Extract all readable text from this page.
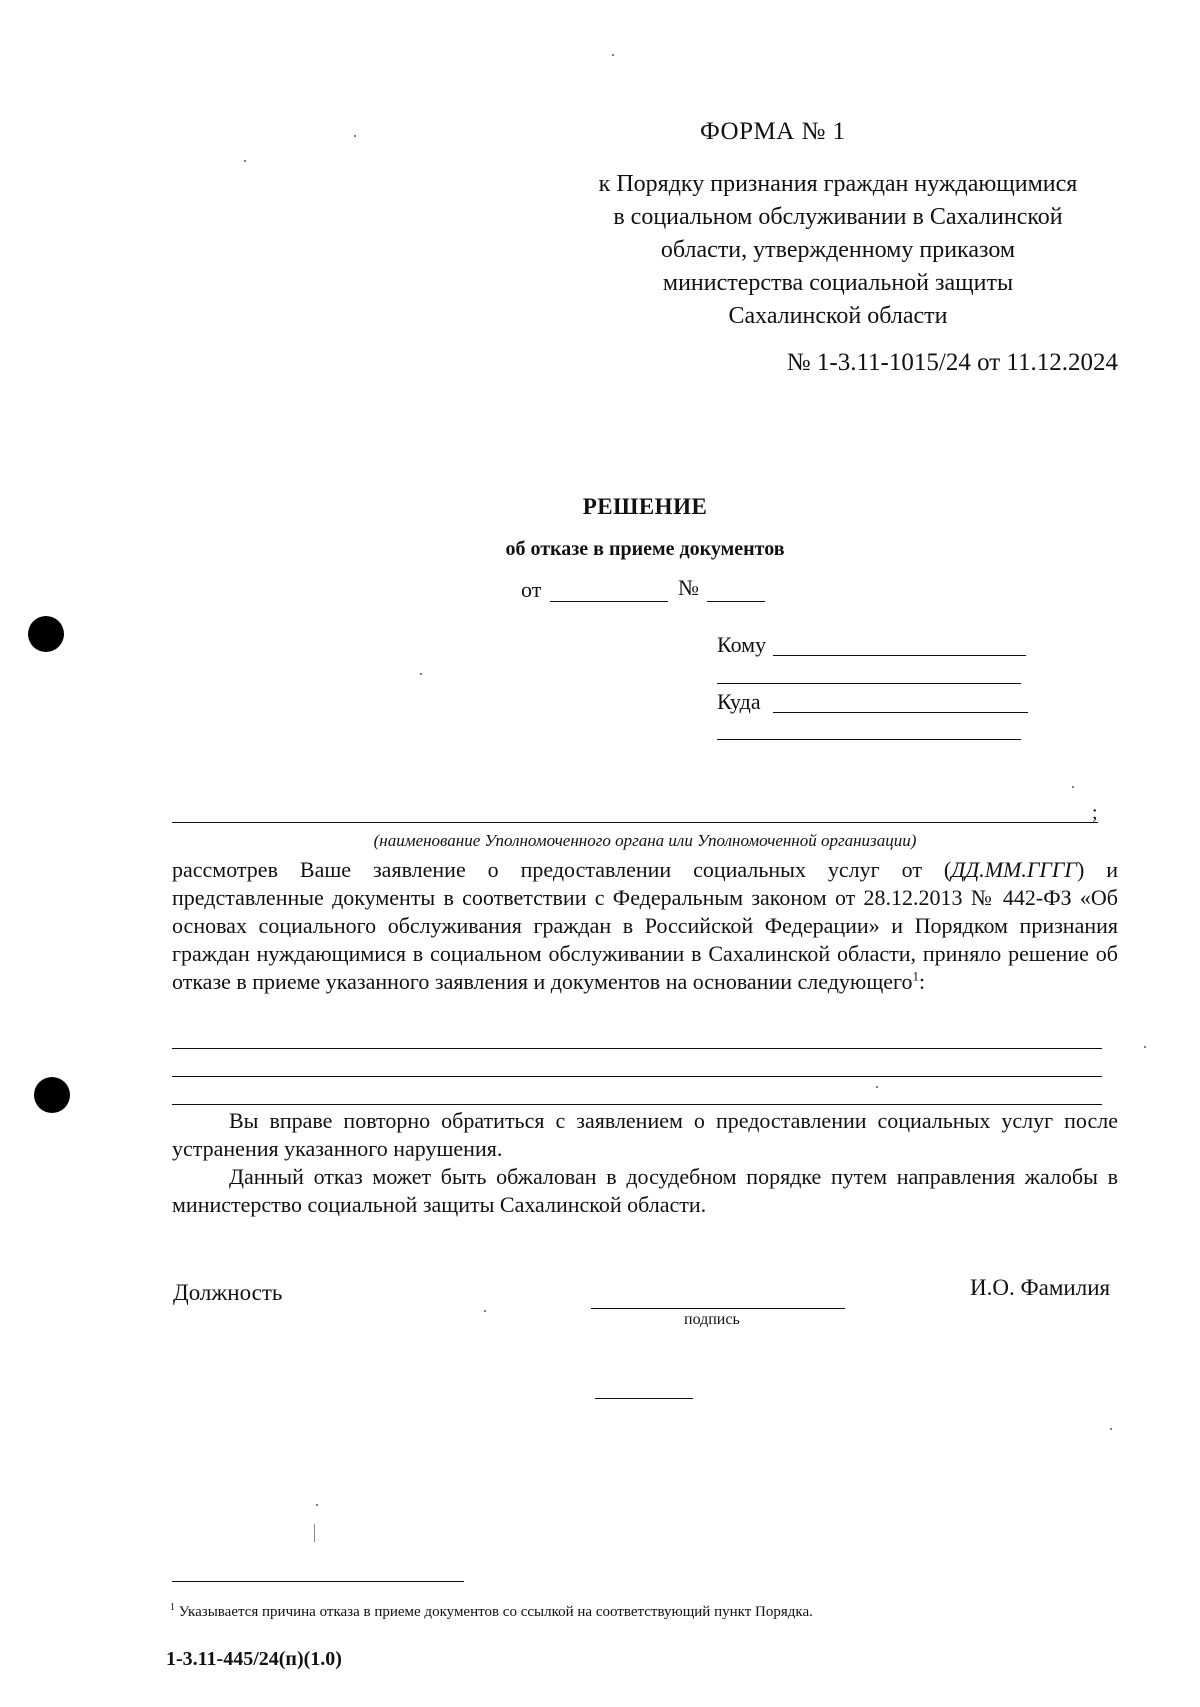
ФОРМА № 1
к Порядку признания граждан нуждающимися
в социальном обслуживании в Сахалинской
области, утвержденному приказом
министерства социальной защиты
Сахалинской области
№ 1-3.11-1015/24 от 11.12.2024
РЕШЕНИЕ
об отказе в приеме документов
от	№
Кому
Куда
;
(наименование Уполномоченного органа или Уполномоченной организации)
рассмотрев Ваше заявление о предоставлении социальных услуг от (ДД.ММ.ГГГГ) и представленные документы в соответствии с Федеральным законом от 28.12.2013 № 442-ФЗ «Об основах социального обслуживания граждан в Российской Федерации» и Порядком признания граждан нуждающимися в социальном обслуживании в Сахалинской области, приняло решение об отказе в приеме указанного заявления и документов на основании следующего$^1$:

Вы вправе повторно обратиться с заявлением о предоставлении социальных услуг после устранения указанного нарушения.

Данный отказ может быть обжалован в досудебном порядке путем направления жалобы в министерство социальной защиты Сахалинской области.

Должность
подпись
И.О. Фамилия
$^1$ Указывается причина отказа в приеме документов со ссылкой на соответствующий пункт Порядка.
1-3.11-445/24(п)(1.0)
